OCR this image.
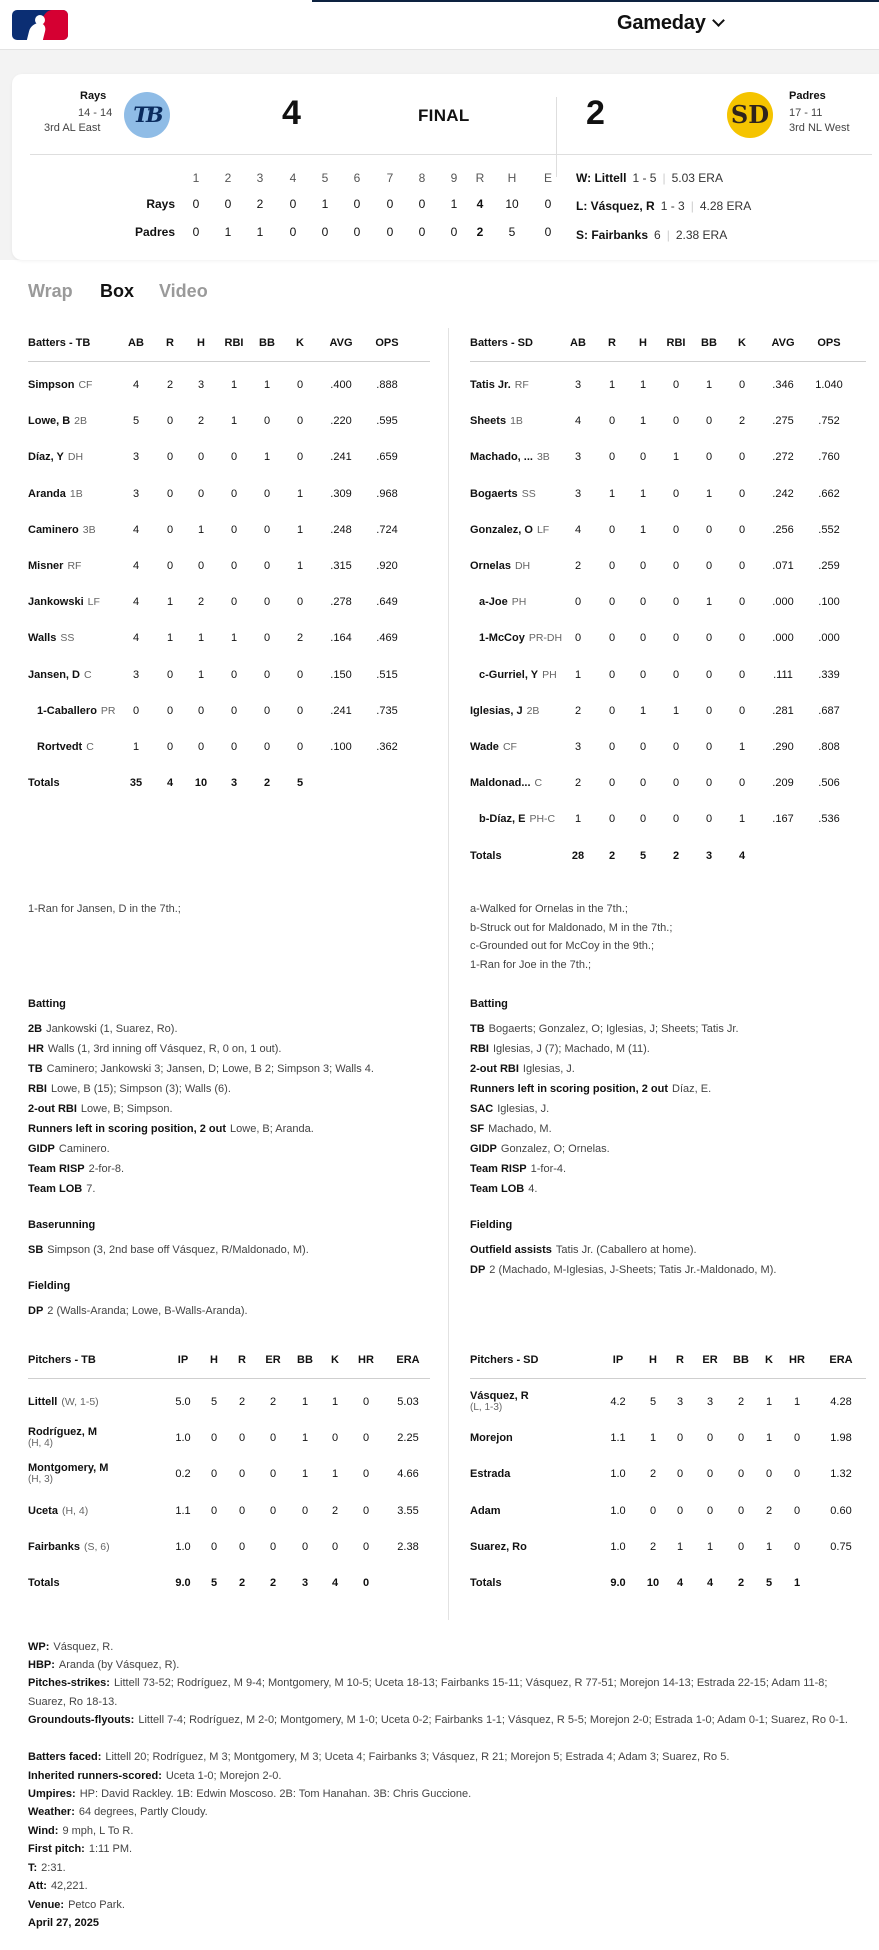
Gameday
Rays
14 - 14
3rd AL East
TB	4	FINAL	2	SD
Padres
17 - 11
3rd NL West
1	2	3	4	5	6	7	8	9	R	H	E
Rays	0	0	2	0	1	0	0	0	1	4	10	0
Padres	0	1	1	0	0	0	0	0	0	2	5	0
W: Littell 1 - 5 | 5.03 ERA
L: Vásquez, R 1 - 3 | 4.28 ERA
S: Fairbanks 6 | 2.38 ERA
Wrap Box Video
Batters - TB	AB	R	H	RBI	BB	K	AVG	OPS
Simpson CF	4	2	3	1	1	0	.400	.888
Lowe, B 2B	5	0	2	1	0	0	.220	.595
Díaz, Y DH	3	0	0	0	1	0	.241	.659
Aranda 1B	3	0	0	0	0	1	.309	.968
Caminero 3B	4	0	1	0	0	1	.248	.724
Misner RF	4	0	0	0	0	1	.315	.920
Jankowski LF	4	1	2	0	0	0	.278	.649
Walls SS	4	1	1	1	0	2	.164	.469
Jansen, D C	3	0	1	0	0	0	.150	.515
1-Caballero PR	0	0	0	0	0	0	.241	.735
Rortvedt C	1	0	0	0	0	0	.100	.362
Totals	35	4	10	3	2	5
Batters - SD	AB	R	H	RBI	BB	K	AVG	OPS
Tatis Jr. RF	3	1	1	0	1	0	.346	1.040
Sheets 1B	4	0	1	0	0	2	.275	.752
Machado, ... 3B	3	0	0	1	0	0	.272	.760
Bogaerts SS	3	1	1	0	1	0	.242	.662
Gonzalez, O LF	4	0	1	0	0	0	.256	.552
Ornelas DH	2	0	0	0	0	0	.071	.259
a-Joe PH	0	0	0	0	1	0	.000	.100
1-McCoy PR-DH	0	0	0	0	0	0	.000	.000
c-Gurriel, Y PH	1	0	0	0	0	0	.111	.339
Iglesias, J 2B	2	0	1	1	0	0	.281	.687
Wade CF	3	0	0	0	0	1	.290	.808
Maldonad... C	2	0	0	0	0	0	.209	.506
b-Díaz, E PH-C	1	0	0	0	0	1	.167	.536
Totals	28	2	5	2	3	4
Pitchers - TB	IP	H	R	ER	BB	K	HR	ERA
Littell (W, 1-5)	5.0	5	2	2	1	1	0	5.03
Rodríguez, M
(H, 4)	1.0	0	0	0	1	0	0	2.25
Montgomery, M
(H, 3)	0.2	0	0	0	1	1	0	4.66
Uceta (H, 4)	1.1	0	0	0	0	2	0	3.55
Fairbanks (S, 6)	1.0	0	0	0	0	0	0	2.38
Totals	9.0	5	2	2	3	4	0
Pitchers - SD	IP	H	R	ER	BB	K	HR	ERA
Vásquez, R
(L, 1-3)	4.2	5	3	3	2	1	1	4.28
Morejon	1.1	1	0	0	0	1	0	1.98
Estrada	1.0	2	0	0	0	0	0	1.32
Adam	1.0	0	0	0	0	2	0	0.60
Suarez, Ro	1.0	2	1	1	0	1	0	0.75
Totals	9.0	10	4	4	2	5	1
1-Ran for Jansen, D in the 7th.;	a-Walked for Ornelas in the 7th.;
b-Struck out for Maldonado, M in the 7th.;
c-Grounded out for McCoy in the 9th.;
1-Ran for Joe in the 7th.;
Batting
2B Jankowski (1, Suarez, Ro).
HR Walls (1, 3rd inning off Vásquez, R, 0 on, 1 out).
TB Caminero; Jankowski 3; Jansen, D; Lowe, B 2; Simpson 3; Walls 4.
RBI Lowe, B (15); Simpson (3); Walls (6).
2-out RBI Lowe, B; Simpson.
Runners left in scoring position, 2 out Lowe, B; Aranda.
GIDP Caminero.
Team RISP 2-for-8.
Team LOB 7.
Baserunning
SB Simpson (3, 2nd base off Vásquez, R/Maldonado, M).
Fielding
DP 2 (Walls-Aranda; Lowe, B-Walls-Aranda).
Batting
TB Bogaerts; Gonzalez, O; Iglesias, J; Sheets; Tatis Jr.
RBI Iglesias, J (7); Machado, M (11).
2-out RBI Iglesias, J.
Runners left in scoring position, 2 out Díaz, E.
SAC Iglesias, J.
SF Machado, M.
GIDP Gonzalez, O; Ornelas.
Team RISP 1-for-4.
Team LOB 4.
Fielding
Outfield assists Tatis Jr. (Caballero at home).
DP 2 (Machado, M-Iglesias, J-Sheets; Tatis Jr.-Maldonado, M).
WP: Vásquez, R.
HBP: Aranda (by Vásquez, R).
Pitches-strikes: Littell 73-52; Rodríguez, M 9-4; Montgomery, M 10-5; Uceta 18-13; Fairbanks 15-11; Vásquez, R 77-51; Morejon 14-13; Estrada 22-15; Adam 11-8; Suarez, Ro 18-13.
Groundouts-flyouts: Littell 7-4; Rodríguez, M 2-0; Montgomery, M 1-0; Uceta 0-2; Fairbanks 1-1; Vásquez, R 5-5; Morejon 2-0; Estrada 1-0; Adam 0-1; Suarez, Ro 0-1.
Batters faced: Littell 20; Rodríguez, M 3; Montgomery, M 3; Uceta 4; Fairbanks 3; Vásquez, R 21; Morejon 5; Estrada 4; Adam 3; Suarez, Ro 5.
Inherited runners-scored: Uceta 1-0; Morejon 2-0.
Umpires: HP: David Rackley. 1B: Edwin Moscoso. 2B: Tom Hanahan. 3B: Chris Guccione.
Weather: 64 degrees, Partly Cloudy.
Wind: 9 mph, L To R.
First pitch: 1:11 PM.
T: 2:31.
Att: 42,221.
Venue: Petco Park.
April 27, 2025
